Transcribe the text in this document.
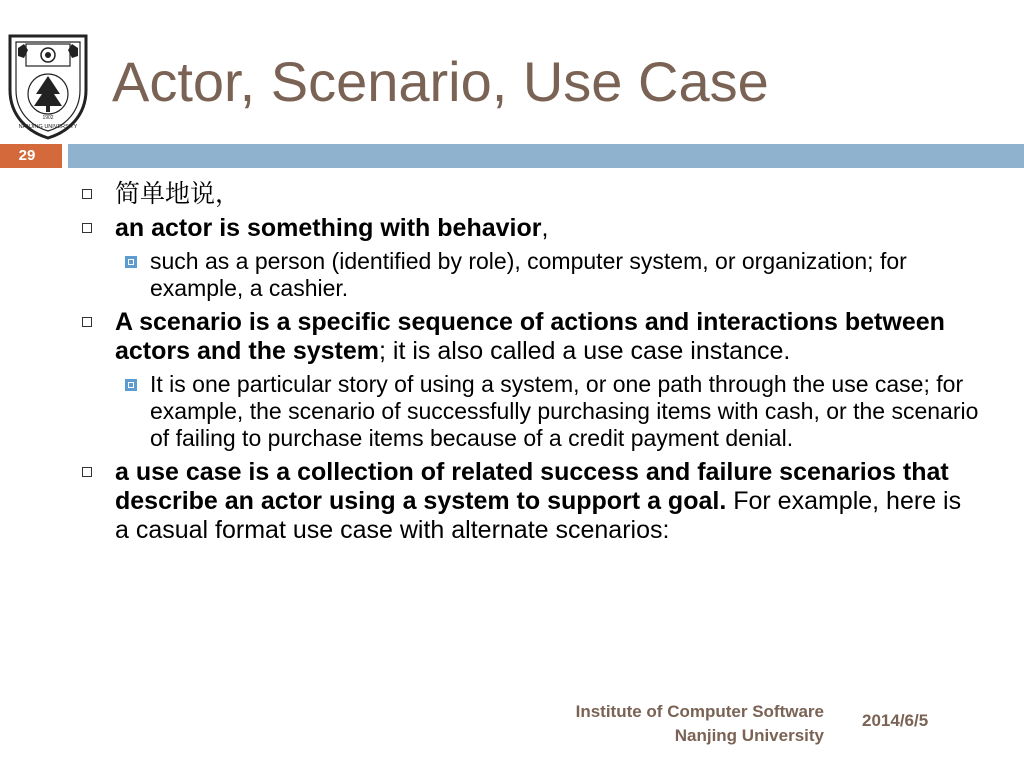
NANJING UNIVERSITY
1902
Actor, Scenario, Use Case
29
简单地说，
an actor is something with behavior,
such as a person (identified by role), computer system, or organization; for example, a cashier.
A scenario is a specific sequence of actions and interactions between actors and the system; it is also called a use case instance.
It is one particular story of using a system, or one path through the use case; for example, the scenario of successfully purchasing items with cash, or the scenario of failing to purchase items because of a credit payment denial.
a use case is a collection of related success and failure scenarios that describe an actor using a system to support a goal. For example, here is a casual format use case with alternate scenarios:
Institute of Computer Software
Nanjing University
2014/6/5
